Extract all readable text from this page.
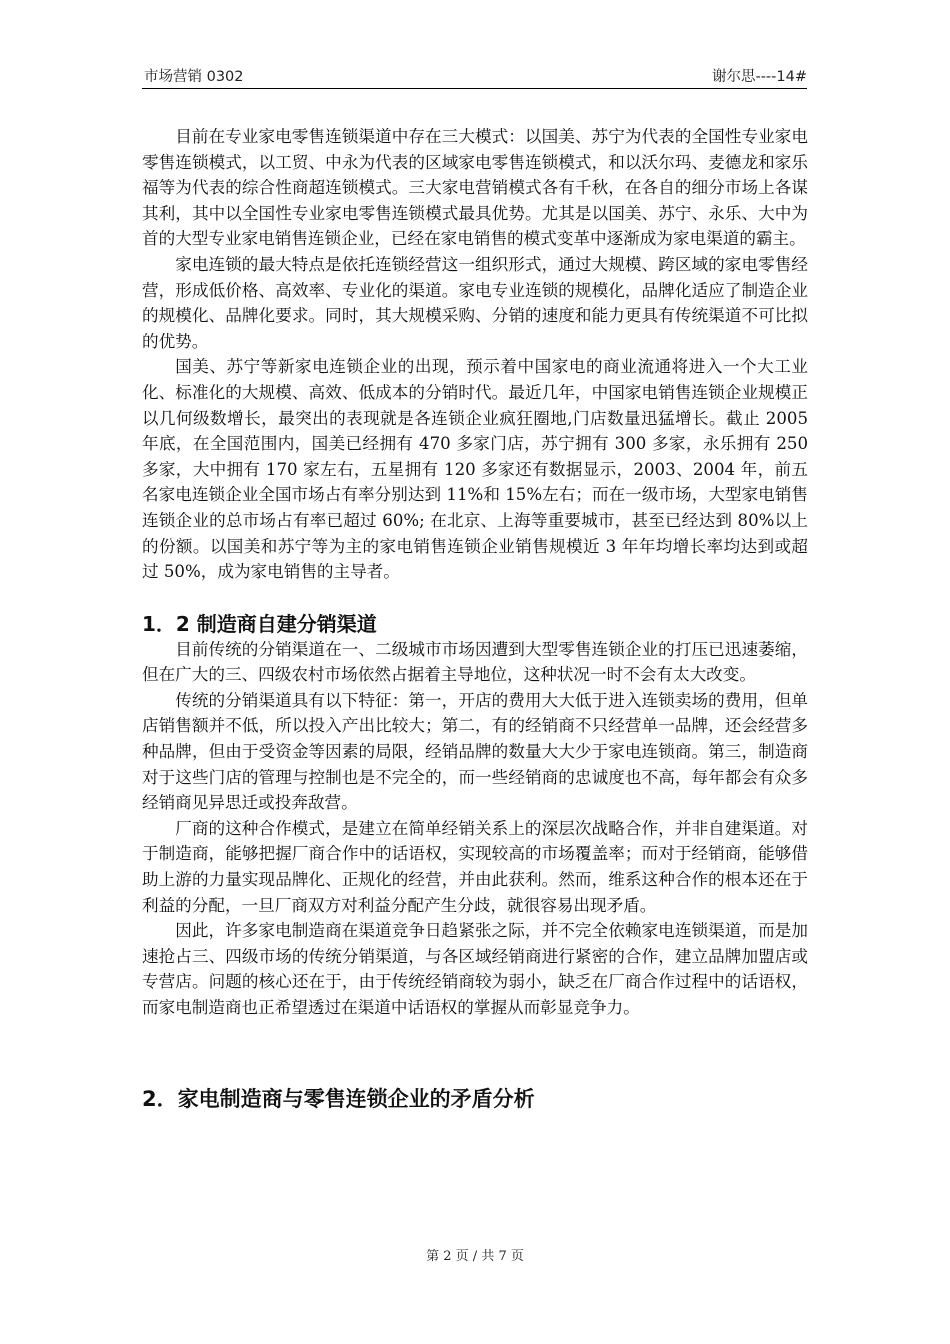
市场营销 0302	谢尔思----14#

目前在专业家电零售连锁渠道中存在三大模式：以国美、苏宁为代表的全国性专业家电零售连锁模式，以工贸、中永为代表的区域家电零售连锁模式，和以沃尔玛、麦德龙和家乐福等为代表的综合性商超连锁模式。三大家电营销模式各有千秋，在各自的细分市场上各谋其利，其中以全国性专业家电零售连锁模式最具优势。尤其是以国美、苏宁、永乐、大中为首的大型专业家电销售连锁企业，已经在家电销售的模式变革中逐渐成为家电渠道的霸主。

家电连锁的最大特点是依托连锁经营这一组织形式，通过大规模、跨区域的家电零售经营，形成低价格、高效率、专业化的渠道。家电专业连锁的规模化，品牌化适应了制造企业的规模化、品牌化要求。同时，其大规模采购、分销的速度和能力更具有传统渠道不可比拟的优势。

国美、苏宁等新家电连锁企业的出现，预示着中国家电的商业流通将进入一个大工业化、标准化的大规模、高效、低成本的分销时代。最近几年，中国家电销售连锁企业规模正以几何级数增长，最突出的表现就是各连锁企业疯狂圈地,门店数量迅猛增长。截止 2005 年底，在全国范围内，国美已经拥有 470 多家门店，苏宁拥有 300 多家，永乐拥有 250 多家，大中拥有 170 家左右，五星拥有 120 多家还有数据显示，2003、2004 年，前五名家电连锁企业全国市场占有率分别达到 11%和 15%左右；而在一级市场，大型家电销售连锁企业的总市场占有率已超过 60%; 在北京、上海等重要城市，甚至已经达到 80%以上的份额。以国美和苏宁等为主的家电销售连锁企业销售规模近 3 年年均增长率均达到或超过 50%，成为家电销售的主导者。

1．2 制造商自建分销渠道

目前传统的分销渠道在一、二级城市市场因遭到大型零售连锁企业的打压已迅速萎缩，但在广大的三、四级农村市场依然占据着主导地位，这种状况一时不会有太大改变。

传统的分销渠道具有以下特征：第一，开店的费用大大低于进入连锁卖场的费用，但单店销售额并不低，所以投入产出比较大；第二，有的经销商不只经营单一品牌，还会经营多种品牌，但由于受资金等因素的局限，经销品牌的数量大大少于家电连锁商。第三，制造商对于这些门店的管理与控制也是不完全的，而一些经销商的忠诚度也不高，每年都会有众多经销商见异思迁或投奔敌营。

厂商的这种合作模式，是建立在简单经销关系上的深层次战略合作，并非自建渠道。对于制造商，能够把握厂商合作中的话语权，实现较高的市场覆盖率；而对于经销商，能够借助上游的力量实现品牌化、正规化的经营，并由此获利。然而，维系这种合作的根本还在于利益的分配，一旦厂商双方对利益分配产生分歧，就很容易出现矛盾。

因此，许多家电制造商在渠道竞争日趋紧张之际，并不完全依赖家电连锁渠道，而是加速抢占三、四级市场的传统分销渠道，与各区域经销商进行紧密的合作，建立品牌加盟店或专营店。问题的核心还在于，由于传统经销商较为弱小，缺乏在厂商合作过程中的话语权，而家电制造商也正希望透过在渠道中话语权的掌握从而彰显竞争力。

2．家电制造商与零售连锁企业的矛盾分析
第 2 页 / 共 7 页
